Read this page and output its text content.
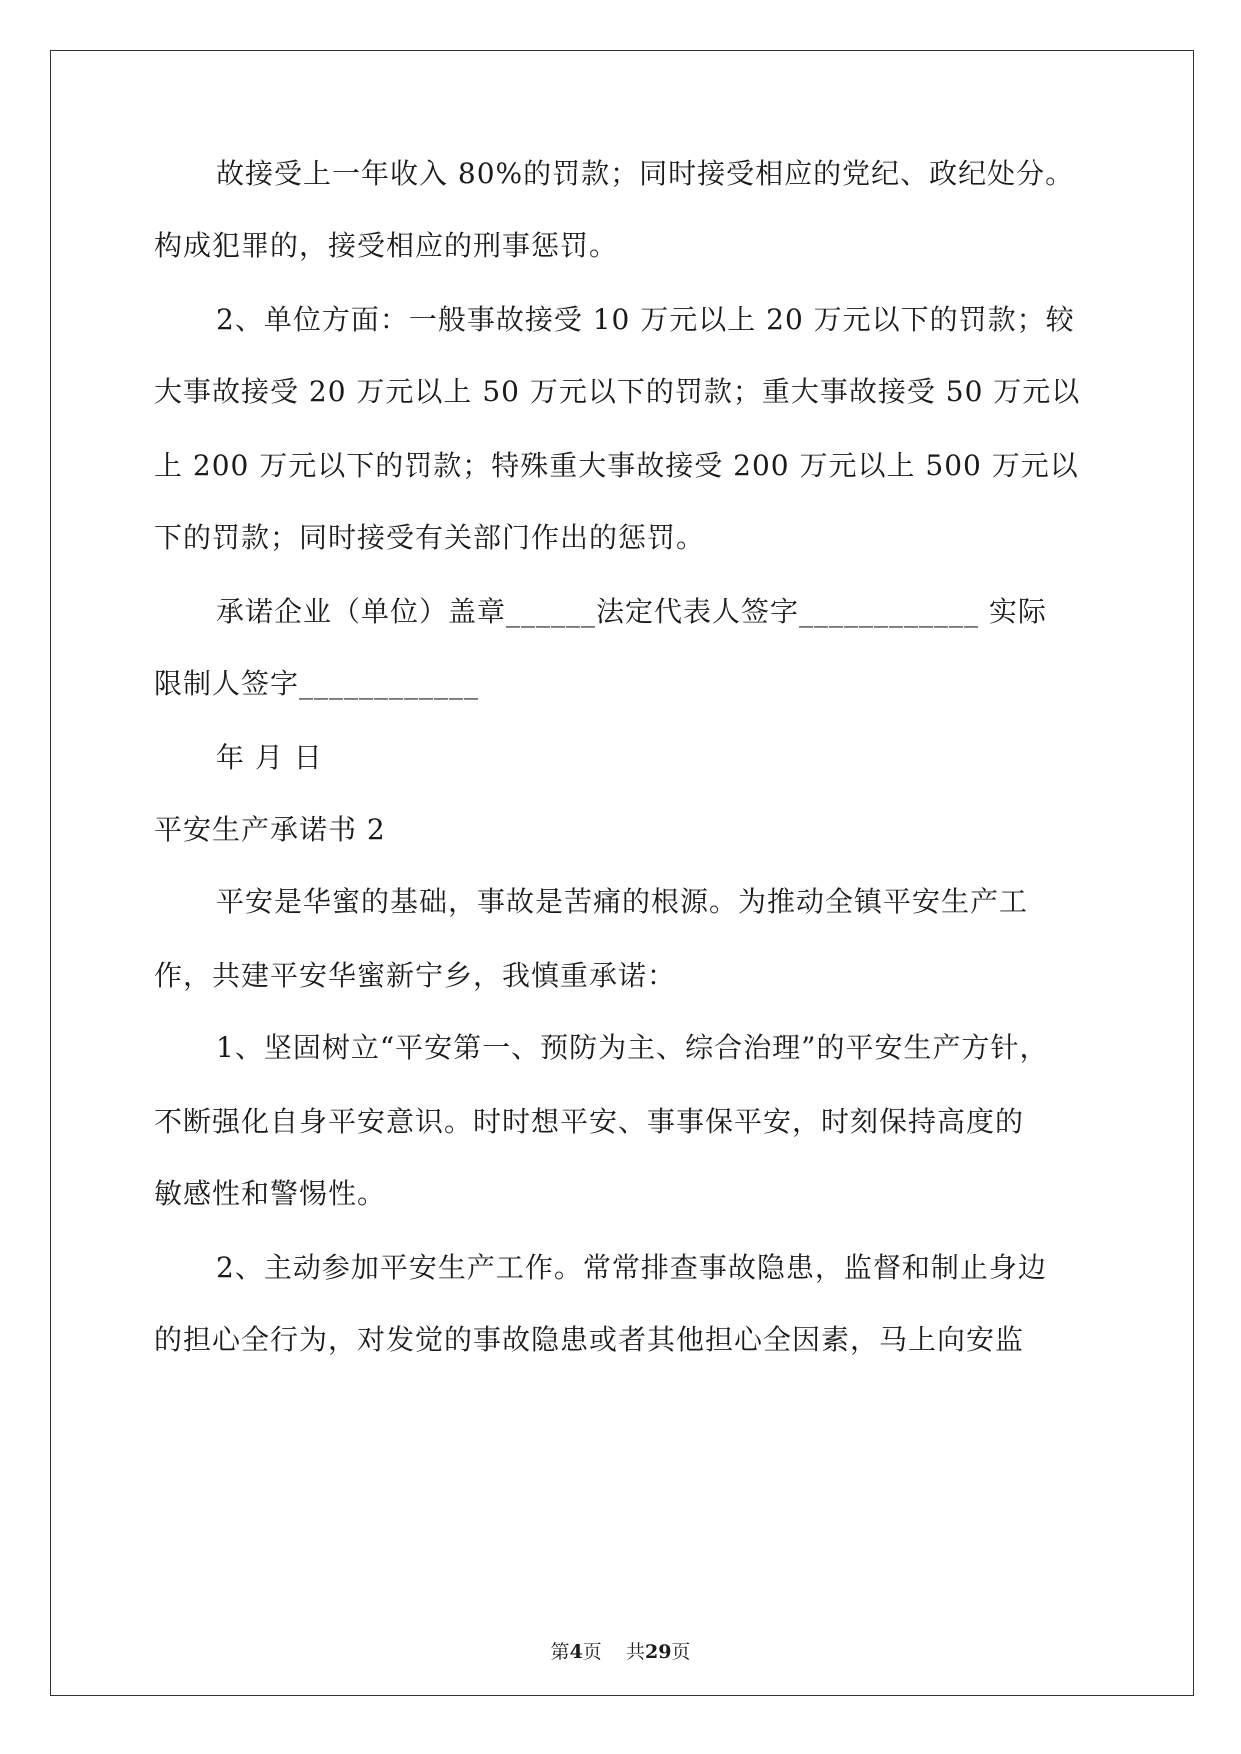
故接受上一年收入 80%的罚款；同时接受相应的党纪、政纪处分。
构成犯罪的，接受相应的刑事惩罚。
2、单位方面：一般事故接受 10 万元以上 20 万元以下的罚款；较
大事故接受 20 万元以上 50 万元以下的罚款；重大事故接受 50 万元以
上 200 万元以下的罚款；特殊重大事故接受 200 万元以上 500 万元以
下的罚款；同时接受有关部门作出的惩罚。
承诺企业（单位）盖章______法定代表人签字____________ 实际
限制人签字____________
年 月 日
平安生产承诺书 2
平安是华蜜的基础，事故是苦痛的根源。为推动全镇平安生产工
作，共建平安华蜜新宁乡，我慎重承诺：
1、坚固树立“平安第一、预防为主、综合治理”的平安生产方针，
不断强化自身平安意识。时时想平安、事事保平安，时刻保持高度的
敏感性和警惕性。
2、主动参加平安生产工作。常常排查事故隐患，监督和制止身边
的担心全行为，对发觉的事故隐患或者其他担心全因素，马上向安监
第4页    共29页
